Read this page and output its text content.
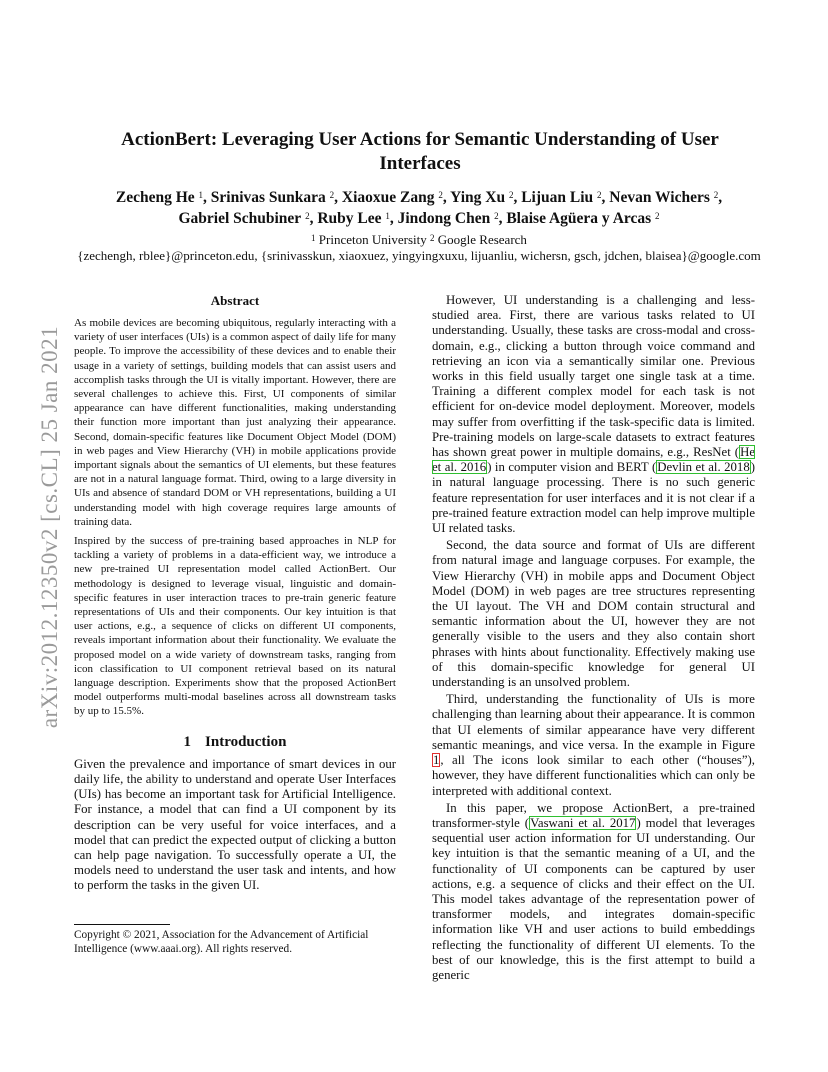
arXiv:2012.12350v2 [cs.CL] 25 Jan 2021
ActionBert: Leveraging User Actions for Semantic Understanding of User Interfaces
Zecheng He $^1$, Srinivas Sunkara $^2$, Xiaoxue Zang $^2$, Ying Xu $^2$, Lijuan Liu $^2$, Nevan Wichers $^2$,
Gabriel Schubiner $^2$, Ruby Lee $^1$, Jindong Chen $^2$, Blaise Agüera y Arcas $^2$
$^1$ Princeton University $^2$ Google Research
{zechengh, rblee}@princeton.edu, {srinivasskun, xiaoxuez, yingyingxuxu, lijuanliu, wichersn, gsch, jdchen, blaisea}@google.com
Abstract

As mobile devices are becoming ubiquitous, regularly interacting with a variety of user interfaces (UIs) is a common aspect of daily life for many people. To improve the accessibility of these devices and to enable their usage in a variety of settings, building models that can assist users and accomplish tasks through the UI is vitally important. However, there are several challenges to achieve this. First, UI components of similar appearance can have different functionalities, making understanding their function more important than just analyzing their appearance. Second, domain-specific features like Document Object Model (DOM) in web pages and View Hierarchy (VH) in mobile applications provide important signals about the semantics of UI elements, but these features are not in a natural language format. Third, owing to a large diversity in UIs and absence of standard DOM or VH representations, building a UI understanding model with high coverage requires large amounts of training data.

Inspired by the success of pre-training based approaches in NLP for tackling a variety of problems in a data-efficient way, we introduce a new pre-trained UI representation model called ActionBert. Our methodology is designed to leverage visual, linguistic and domain-specific features in user interaction traces to pre-train generic feature representations of UIs and their components. Our key intuition is that user actions, e.g., a sequence of clicks on different UI components, reveals important information about their functionality. We evaluate the proposed model on a wide variety of downstream tasks, ranging from icon classification to UI component retrieval based on its natural language description. Experiments show that the proposed ActionBert model outperforms multi-modal baselines across all downstream tasks by up to 15.5%.

1 Introduction

Given the prevalence and importance of smart devices in our daily life, the ability to understand and operate User Interfaces (UIs) has become an important task for Artificial Intelligence. For instance, a model that can find a UI component by its description can be very useful for voice interfaces, and a model that can predict the expected output of clicking a button can help page navigation. To successfully operate a UI, the models need to understand the user task and intents, and how to perform the tasks in the given UI.

Copyright © 2021, Association for the Advancement of Artificial Intelligence (www.aaai.org). All rights reserved.

However, UI understanding is a challenging and less-studied area. First, there are various tasks related to UI understanding. Usually, these tasks are cross-modal and cross-domain, e.g., clicking a button through voice command and retrieving an icon via a semantically similar one. Previous works in this field usually target one single task at a time. Training a different complex model for each task is not efficient for on-device model deployment. Moreover, models may suffer from overfitting if the task-specific data is limited. Pre-training models on large-scale datasets to extract features has shown great power in multiple domains, e.g., ResNet (He et al. 2016) in computer vision and BERT (Devlin et al. 2018) in natural language processing. There is no such generic feature representation for user interfaces and it is not clear if a pre-trained feature extraction model can help improve multiple UI related tasks.

Second, the data source and format of UIs are different from natural image and language corpuses. For example, the View Hierarchy (VH) in mobile apps and Document Object Model (DOM) in web pages are tree structures representing the UI layout. The VH and DOM contain structural and semantic information about the UI, however they are not generally visible to the users and they also contain short phrases with hints about functionality. Effectively making use of this domain-specific knowledge for general UI understanding is an unsolved problem.

Third, understanding the functionality of UIs is more challenging than learning about their appearance. It is common that UI elements of similar appearance have very different semantic meanings, and vice versa. In the example in Figure 1, all The icons look similar to each other (“houses”), however, they have different functionalities which can only be interpreted with additional context.

In this paper, we propose ActionBert, a pre-trained transformer-style (Vaswani et al. 2017) model that leverages sequential user action information for UI understanding. Our key intuition is that the semantic meaning of a UI, and the functionality of UI components can be captured by user actions, e.g. a sequence of clicks and their effect on the UI. This model takes advantage of the representation power of transformer models, and integrates domain-specific information like VH and user actions to build embeddings reflecting the functionality of different UI elements. To the best of our knowledge, this is the first attempt to build a generic
